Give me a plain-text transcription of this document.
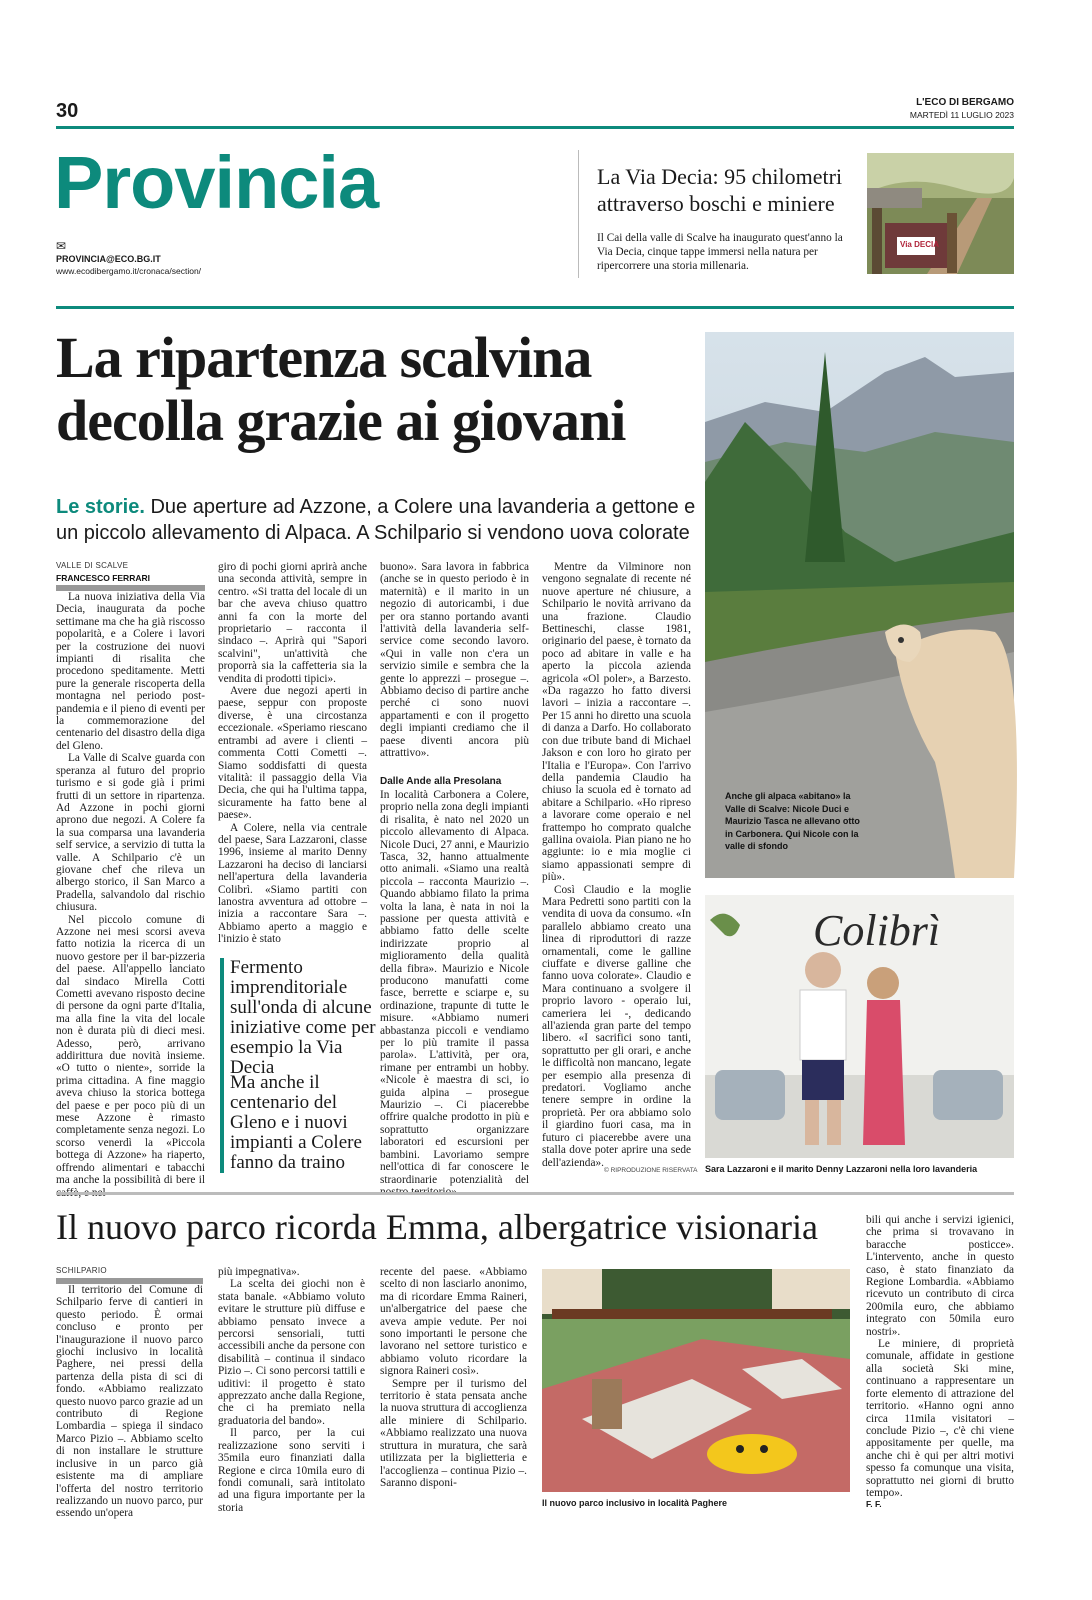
30	L'ECO DI BERGAMO
MARTEDÌ 11 LUGLIO 2023
Provincia
✉
PROVINCIA@ECO.BG.IT
www.ecodibergamo.it/cronaca/section/
La Via Decia: 95 chilometri attraverso boschi e miniere
Il Cai della valle di Scalve ha inaugurato quest'anno la Via Decia, cinque tappe immersi nella natura per ripercorrere una storia millenaria.
Via DECIA
La ripartenza scalvina decolla grazie ai giovani
Le storie. Due aperture ad Azzone, a Colere una lavanderia a gettone e un piccolo allevamento di Alpaca. A Schilpario si vendono uova colorate
VALLE DI SCALVE
FRANCESCO FERRARI

La nuova iniziativa della Via Decia, inaugurata da poche settimane ma che ha già riscosso popolarità, e a Colere i lavori per la costruzione dei nuovi impianti di risalita che procedono speditamente. Metti pure la generale riscoperta della montagna nel periodo post-pandemia e il pieno di eventi per la commemorazione del centenario del disastro della diga del Gleno.

La Valle di Scalve guarda con speranza al futuro del proprio turismo e si gode già i primi frutti di un settore in ripartenza. Ad Azzone in pochi giorni aprono due negozi. A Colere fa la sua comparsa una lavanderia self service, a servizio di tutta la valle. A Schilpario c'è un giovane chef che rileva un albergo storico, il San Marco a Pradella, salvandolo dal rischio chiusura.

Nel piccolo comune di Azzone nei mesi scorsi aveva fatto notizia la ricerca di un nuovo gestore per il bar-pizzeria del paese. All'appello lanciato dal sindaco Mirella Cotti Cometti avevano risposto decine di persone da ogni parte d'Italia, ma alla fine la vita del locale non è durata più di dieci mesi. Adesso, però, arrivano addirittura due novità insieme. «O tutto o niente», sorride la prima cittadina. A fine maggio aveva chiuso la storica bottega del paese e per poco più di un mese Azzone è rimasto completamente senza negozi. Lo scorso venerdì la «Piccola bottega di Azzone» ha riaperto, offrendo alimentari e tabacchi ma anche la possibilità di bere il

giro di pochi giorni aprirà anche una seconda attività, sempre in centro. «Si tratta del locale di un bar che aveva chiuso quattro anni fa con la morte del proprietario – racconta il sindaco –. Aprirà qui "Sapori scalvini", un'attività che proporrà sia la caffetteria sia la vendita di prodotti tipici».

Avere due negozi aperti in paese, seppur con proposte diverse, è una circostanza eccezionale. «Speriamo riescano entrambi ad avere i clienti – commenta Cotti Cometti –. Siamo soddisfatti di questa vitalità: il passaggio della Via Decia, che qui ha l'ultima tappa, sicuramente ha fatto bene al paese».

A Colere, nella via centrale del paese, Sara Lazzaroni, classe 1996, insieme al marito Denny Lazzaroni ha deciso di lanciarsi nell'apertura della lavanderia Colibrì. «Siamo partiti con lanostra avventura ad ottobre – inizia a raccontare Sara –. Abbiamo aperto a maggio e l'inizio è stato

Fermento imprenditoriale sull'onda di alcune iniziative come per esempio la Via Decia
Ma anche il centenario del Gleno e i nuovi impianti a Colere fanno da traino

buono». Sara lavora in fabbrica (anche se in questo periodo è in maternità) e il marito in un negozio di autoricambi, i due per ora stanno portando avanti l'attività della lavanderia self-service come secondo lavoro. «Qui in valle non c'era un servizio simile e sembra che la gente lo apprezzi – prosegue –. Abbiamo deciso di partire anche perché ci sono nuovi appartamenti e con il progetto degli impianti crediamo che il paese diventi ancora più attrattivo».

Dalle Ande alla Presolana

In località Carbonera a Colere, proprio nella zona degli impianti di risalita, è nato nel 2020 un piccolo allevamento di Alpaca. Nicole Duci, 27 anni, e Maurizio Tasca, 32, hanno attualmente otto animali. «Siamo una realtà piccola – racconta Maurizio –. Quando abbiamo filato la prima volta la lana, è nata in noi la passione per questa attività e abbiamo fatto delle scelte indirizzate proprio al miglioramento della qualità della fibra». Maurizio e Nicole producono manufatti come fasce, berrette e sciarpe e, su ordinazione, trapunte di tutte le misure. «Abbiamo numeri abbastanza piccoli e vendiamo per lo più tramite il passa parola». L'attività, per ora, rimane per entrambi un hobby. «Nicole è maestra di sci, io guida alpina – prosegue Maurizio –. Ci piacerebbe offrire qualche prodotto in più e soprattutto organizzare laboratori ed escursioni per bambini. Lavoriamo sempre nell'ottica di far conoscere le straordinarie potenzialità del

Mentre da Vilminore non vengono segnalate di recente né nuove aperture né chiusure, a Schilpario le novità arrivano da una frazione. Claudio Bettineschi, classe 1981, originario del paese, è tornato da poco ad abitare in valle e ha aperto la piccola azienda agricola «Ol poler», a Barzesto. «Da ragazzo ho fatto diversi lavori – inizia a raccontare –. Per 15 anni ho diretto una scuola di danza a Darfo. Ho collaborato con due tribute band di Michael Jakson e con loro ho girato per l'Italia e l'Europa». Con l'arrivo della pandemia Claudio ha chiuso la scuola ed è tornato ad abitare a Schilpario. «Ho ripreso a lavorare come operaio e nel frattempo ho comprato qualche gallina ovaiola. Pian piano ne ho aggiunte: io e mia moglie ci siamo appassionati sempre di più».

Così Claudio e la moglie Mara Pedretti sono partiti con la vendita di uova da consumo. «In parallelo abbiamo creato una linea di riproduttori di razze ornamentali, come le galline ciuffate e diverse galline che fanno uova colorate». Claudio e Mara continuano a svolgere il proprio lavoro - operaio lui, cameriera lei -, dedicando all'azienda gran parte del tempo libero. «I sacrifici sono tanti, soprattutto per gli orari, e anche le difficoltà non mancano, legate per esempio alla presenza di predatori. Vogliamo anche tenere sempre in ordine la proprietà. Per ora abbiamo solo il giardino fuori casa, ma in futuro ci piacerebbe avere una stalla dove poter aprire una sede dell'azienda».

© RIPRODUZIONE RISERVATA
Anche gli alpaca «abitano» la Valle di Scalve: Nicole Duci e Maurizio Tasca ne allevano otto in Carbonera. Qui Nicole con la valle di sfondo
Colibrì
Sara Lazzaroni e il marito Denny Lazzaroni nella loro lavanderia
Il nuovo parco ricorda Emma, albergatrice visionaria
SCHILPARIO

Il territorio del Comune di Schilpario ferve di cantieri in questo periodo. È ormai concluso e pronto per l'inaugurazione il nuovo parco giochi inclusivo in località Paghere, nei pressi della partenza della pista di sci di fondo. «Abbiamo realizzato questo nuovo parco grazie ad un contributo di Regione Lombardia – spiega il sindaco Marco Pizio –. Abbiamo scelto di non installare le strutture inclusive in un parco già esistente ma di ampliare l'offerta del nostro territorio realizzando un nuovo parco, pur essendo un'opera

più impegnativa».

La scelta dei giochi non è stata banale. «Abbiamo voluto evitare le strutture più diffuse e abbiamo pensato invece a percorsi sensoriali, tutti accessibili anche da persone con disabilità – continua il sindaco Pizio –. Ci sono percorsi tattili e uditivi: il progetto è stato apprezzato anche dalla Regione, che ci ha premiato nella graduatoria del bando».

Il parco, per la cui realizzazione sono serviti i 35mila euro finanziati dalla Regione e circa 10mila euro di fondi comunali, sarà intitolato ad una figura importante per la storia

recente del paese. «Abbiamo scelto di non lasciarlo anonimo, ma di ricordare Emma Raineri, un'albergatrice del paese che aveva ampie vedute. Per noi sono importanti le persone che lavorano nel settore turistico e abbiamo voluto ricordare la signora Raineri così».

Sempre per il turismo del territorio è stata pensata anche la nuova struttura di accoglienza alle miniere di Schilpario. «Abbiamo realizzato una nuova struttura in muratura, che sarà utilizzata per la biglietteria e l'accoglienza – continua Pizio –. Saranno disponi-

Il nuovo parco inclusivo in località Paghere

bili qui anche i servizi igienici, che prima si trovavano in baracche posticce». L'intervento, anche in questo caso, è stato finanziato da Regione Lombardia. «Abbiamo ricevuto un contributo di circa 200mila euro, che abbiamo integrato con 50mila euro nostri».

Le miniere, di proprietà comunale, affidate in gestione alla società Ski mine, continuano a rappresentare un forte elemento di attrazione del territorio. «Hanno ogni anno circa 11mila visitatori – conclude Pizio –, c'è chi viene appositamente per quelle, ma anche chi è qui per altri motivi spesso fa comunque una visita, soprattutto nei giorni di brutto tempo».

F. F.
